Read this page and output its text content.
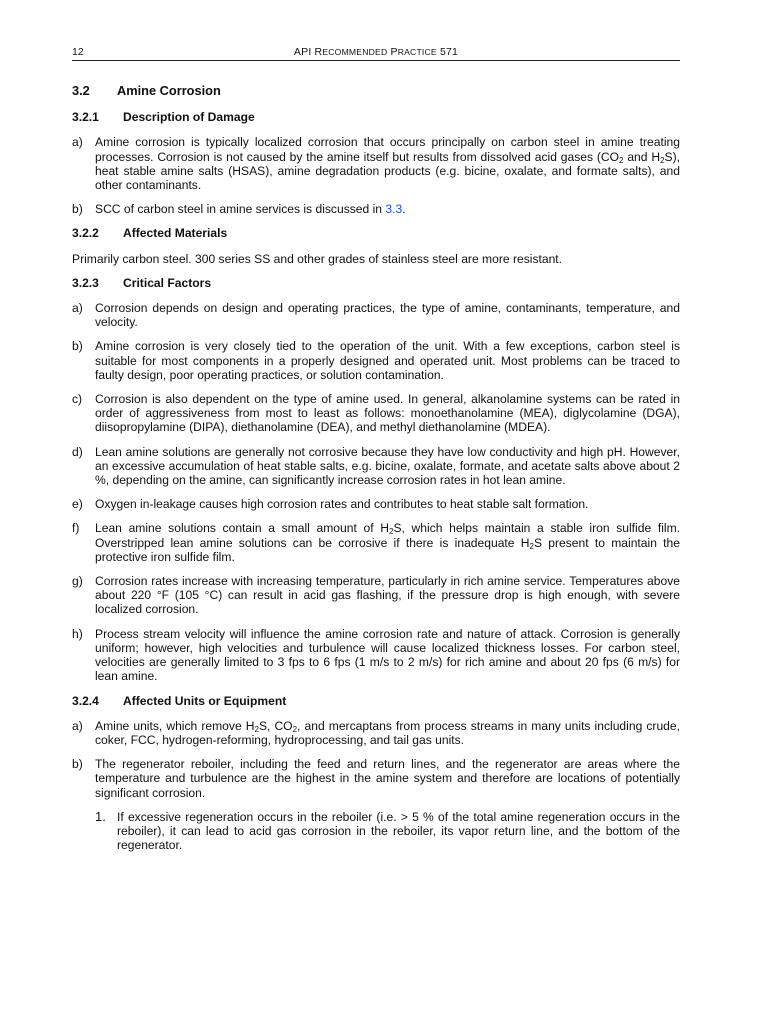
12	API RECOMMENDED PRACTICE 571
3.2	Amine Corrosion
3.2.1	Description of Damage
a)	Amine corrosion is typically localized corrosion that occurs principally on carbon steel in amine treating processes. Corrosion is not caused by the amine itself but results from dissolved acid gases ($CO_2$ and $H_2S$), heat stable amine salts (HSAS), amine degradation products (e.g. bicine, oxalate, and formate salts), and other contaminants.
b)	SCC of carbon steel in amine services is discussed in 3.3.
3.2.2	Affected Materials
Primarily carbon steel. 300 series SS and other grades of stainless steel are more resistant.
3.2.3	Critical Factors
a)	Corrosion depends on design and operating practices, the type of amine, contaminants, temperature, and velocity.
b)	Amine corrosion is very closely tied to the operation of the unit. With a few exceptions, carbon steel is suitable for most components in a properly designed and operated unit. Most problems can be traced to faulty design, poor operating practices, or solution contamination.
c)	Corrosion is also dependent on the type of amine used. In general, alkanolamine systems can be rated in order of aggressiveness from most to least as follows: monoethanolamine (MEA), diglycolamine (DGA), diisopropylamine (DIPA), diethanolamine (DEA), and methyl diethanolamine (MDEA).
d)	Lean amine solutions are generally not corrosive because they have low conductivity and high pH. However, an excessive accumulation of heat stable salts, e.g. bicine, oxalate, formate, and acetate salts above about 2 %, depending on the amine, can significantly increase corrosion rates in hot lean amine.
e)	Oxygen in-leakage causes high corrosion rates and contributes to heat stable salt formation.
f)	Lean amine solutions contain a small amount of $H_2S$, which helps maintain a stable iron sulfide film. Overstripped lean amine solutions can be corrosive if there is inadequate $H_2S$ present to maintain the protective iron sulfide film.
g)	Corrosion rates increase with increasing temperature, particularly in rich amine service. Temperatures above about 220 °F (105 °C) can result in acid gas flashing, if the pressure drop is high enough, with severe localized corrosion.
h)	Process stream velocity will influence the amine corrosion rate and nature of attack. Corrosion is generally uniform; however, high velocities and turbulence will cause localized thickness losses. For carbon steel, velocities are generally limited to 3 fps to 6 fps (1 m/s to 2 m/s) for rich amine and about 20 fps (6 m/s) for lean amine.
3.2.4	Affected Units or Equipment
a)	Amine units, which remove $H_2S$, $CO_2$, and mercaptans from process streams in many units including crude, coker, FCC, hydrogen-reforming, hydroprocessing, and tail gas units.
b)	The regenerator reboiler, including the feed and return lines, and the regenerator are areas where the temperature and turbulence are the highest in the amine system and therefore are locations of potentially significant corrosion.
1. If excessive regeneration occurs in the reboiler (i.e. > 5 % of the total amine regeneration occurs in the reboiler), it can lead to acid gas corrosion in the reboiler, its vapor return line, and the bottom of the regenerator.
